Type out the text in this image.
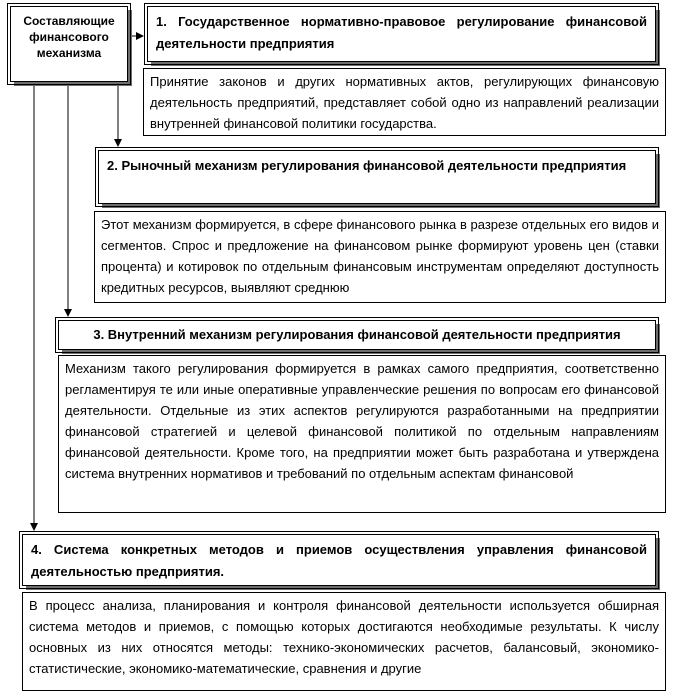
Составляющие финансового механизма
1. Государственное нормативно-правовое регулирование финансовой деятельности предприятия
Принятие законов и других нормативных актов, регулирующих финансовую деятельность предприятий, представляет собой одно из направлений реализации внутренней финансовой политики государства.
2. Рыночный механизм регулирования финансовой деятельности предприятия
Этот механизм формируется, в сфере финансового рынка в разрезе отдельных его видов и сегментов. Спрос и предложение на финансовом рынке формируют уровень цен (ставки процента) и котировок по отдельным финансовым инструментам определяют доступность кредитных ресурсов, выявляют среднюю
3. Внутренний механизм регулирования финансовой деятельности предприятия
Механизм такого регулирования формируется в рамках самого предприятия, соответственно регламентируя те или иные оперативные управленческие решения по вопросам его финансовой деятельности. Отдельные из этих аспектов регулируются разработанными на предприятии финансовой стратегией и целевой финансовой политикой по отдельным направлениям финансовой деятельности. Кроме того, на предприятии может быть разработана и утверждена система внутренних нормативов и требований по отдельным аспектам финансовой
4. Система конкретных методов и приемов осуществления управления финансовой деятельностью предприятия.
В процесс анализа, планирования и контроля финансовой деятельности используется обширная система методов и приемов, с помощью которых достигаются необходимые результаты. К числу основных из них относятся методы: технико-экономических расчетов, балансовый, экономико-статистические, экономико-математические, сравнения и другие
